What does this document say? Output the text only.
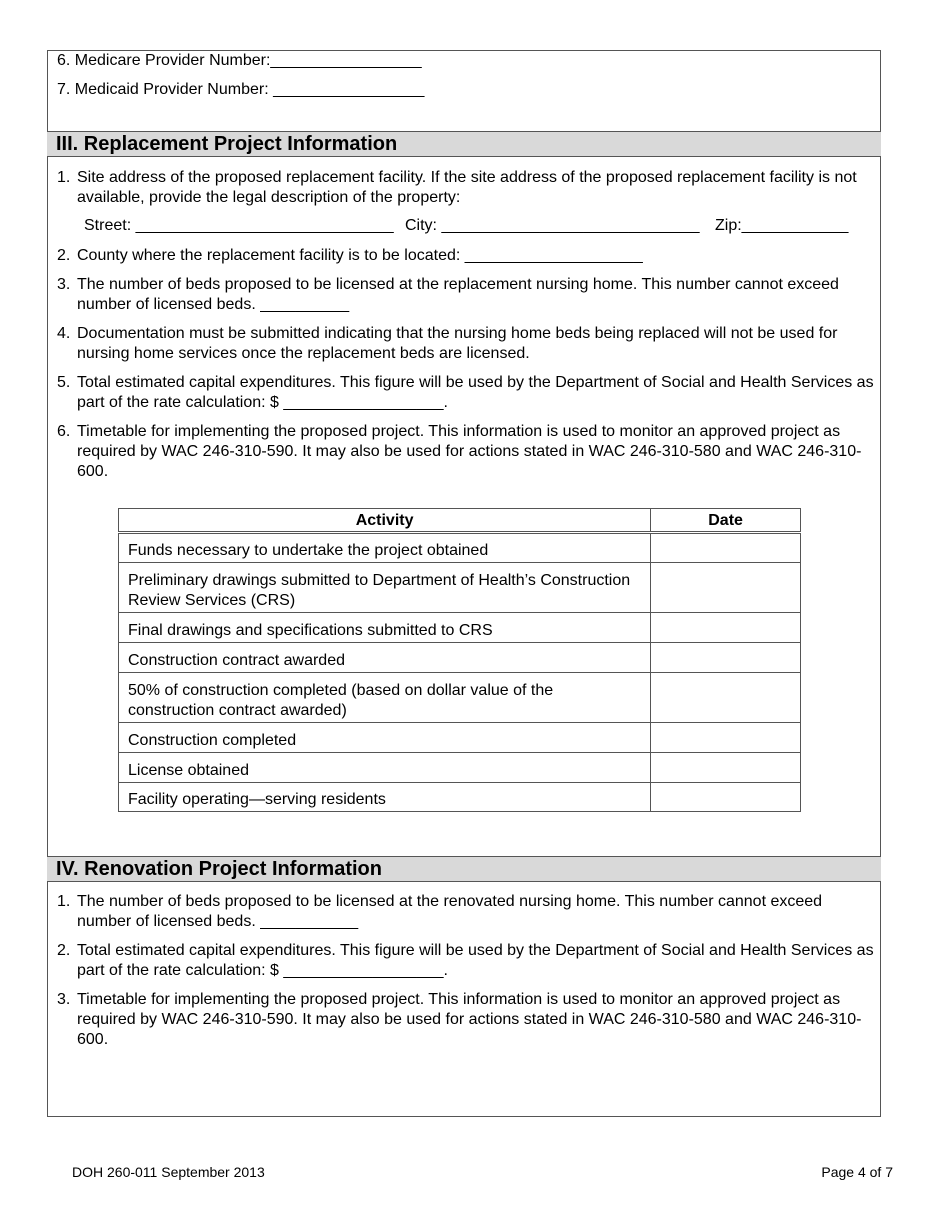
6. Medicare Provider Number:_________________
7. Medicaid Provider Number: _________________
III. Replacement Project Information
1. Site address of the proposed replacement facility. If the site address of the proposed replacement facility is not available, provide the legal description of the property:
Street: _____________________________ City: _____________________________ Zip:____________
2. County where the replacement facility is to be located: ____________________
3. The number of beds proposed to be licensed at the replacement nursing home. This number cannot exceed number of licensed beds. __________
4. Documentation must be submitted indicating that the nursing home beds being replaced will not be used for nursing home services once the replacement beds are licensed.
5. Total estimated capital expenditures. This figure will be used by the Department of Social and Health Services as part of the rate calculation: $ __________________.
6. Timetable for implementing the proposed project. This information is used to monitor an approved project as required by WAC 246-310-590. It may also be used for actions stated in WAC 246-310-580 and WAC 246-310-600.
Activity	Date
Funds necessary to undertake the project obtained	
Preliminary drawings submitted to Department of Health’s Construction Review Services (CRS)	
Final drawings and specifications submitted to CRS	
Construction contract awarded	
50% of construction completed (based on dollar value of the construction contract awarded)	
Construction completed	
License obtained	
Facility operating—serving residents	
IV. Renovation Project Information
1. The number of beds proposed to be licensed at the renovated nursing home. This number cannot exceed number of licensed beds. ___________
2. Total estimated capital expenditures. This figure will be used by the Department of Social and Health Services as part of the rate calculation: $ __________________.
3. Timetable for implementing the proposed project. This information is used to monitor an approved project as required by WAC 246-310-590. It may also be used for actions stated in WAC 246-310-580 and WAC 246-310-600.
DOH 260-011 September 2013	Page 4 of 7
